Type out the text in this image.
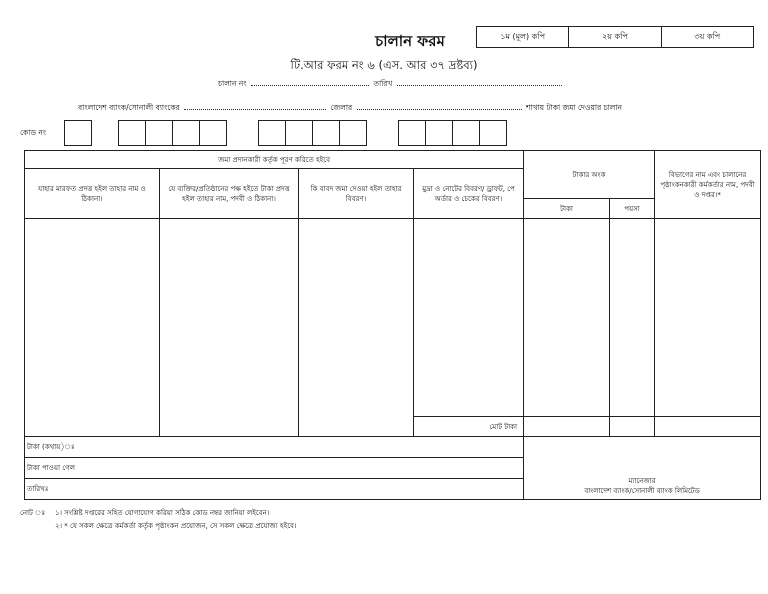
চালান ফরম	১ম (মূল) কপি	২য় কপি	৩য় কপি
টি.আর ফরম নং ৬ (এস. আর ৩৭ দ্রষ্টব্য)
চালান নং	তারিখ
বাংলাদেশ ব্যাংক/সোনালী ব্যাংকের	জেলার	শাখায় টাকা জমা দেওয়ার চালান
কোড নং
জমা প্রদানকারী কর্তৃক পূরণ করিতে হইবে				টাকার অংক		বিভাগের নাম এবং চালানের পৃষ্ঠাংকনকারী কর্মকর্তার নাম, পদবী ও দপ্তর।*
যাহার মারফত প্রদত্ত হইল তাহার নাম ও ঠিকানা।	যে ব্যক্তির/প্রতিষ্ঠানের পক্ষ হইতে টাকা প্রদত্ত হইল তাহার নাম, পদবী ও ঠিকানা।	কি বাবদ জমা দেওয়া হইল তাহার বিবরণ।	মুদ্রা ও নোটের বিবরণ/ ড্রাফট, পে অর্ডার ও চেকের বিবরণ।			
				টাকা	পয়সা	

			মোট টাকা			
টাকা (কথায়)ঃ				ম্যানেজার
বাংলাদেশ ব্যাংক/সোনালী ব্যাংক লিমিটেড		

টাকা পাওয়া গেল						
তারিখঃ						
নোট ঃ ১। সংশ্লিষ্ট দপ্তরের সহিত যোগাযোগ করিয়া সঠিক কোড নম্বর জানিয়া লইবেন।
২। * যে সকল ক্ষেত্রে কর্মকর্তা কর্তৃক পৃষ্ঠাংকন প্রয়োজন, সে সকল ক্ষেত্রে প্রযোজ্য হইবে।
